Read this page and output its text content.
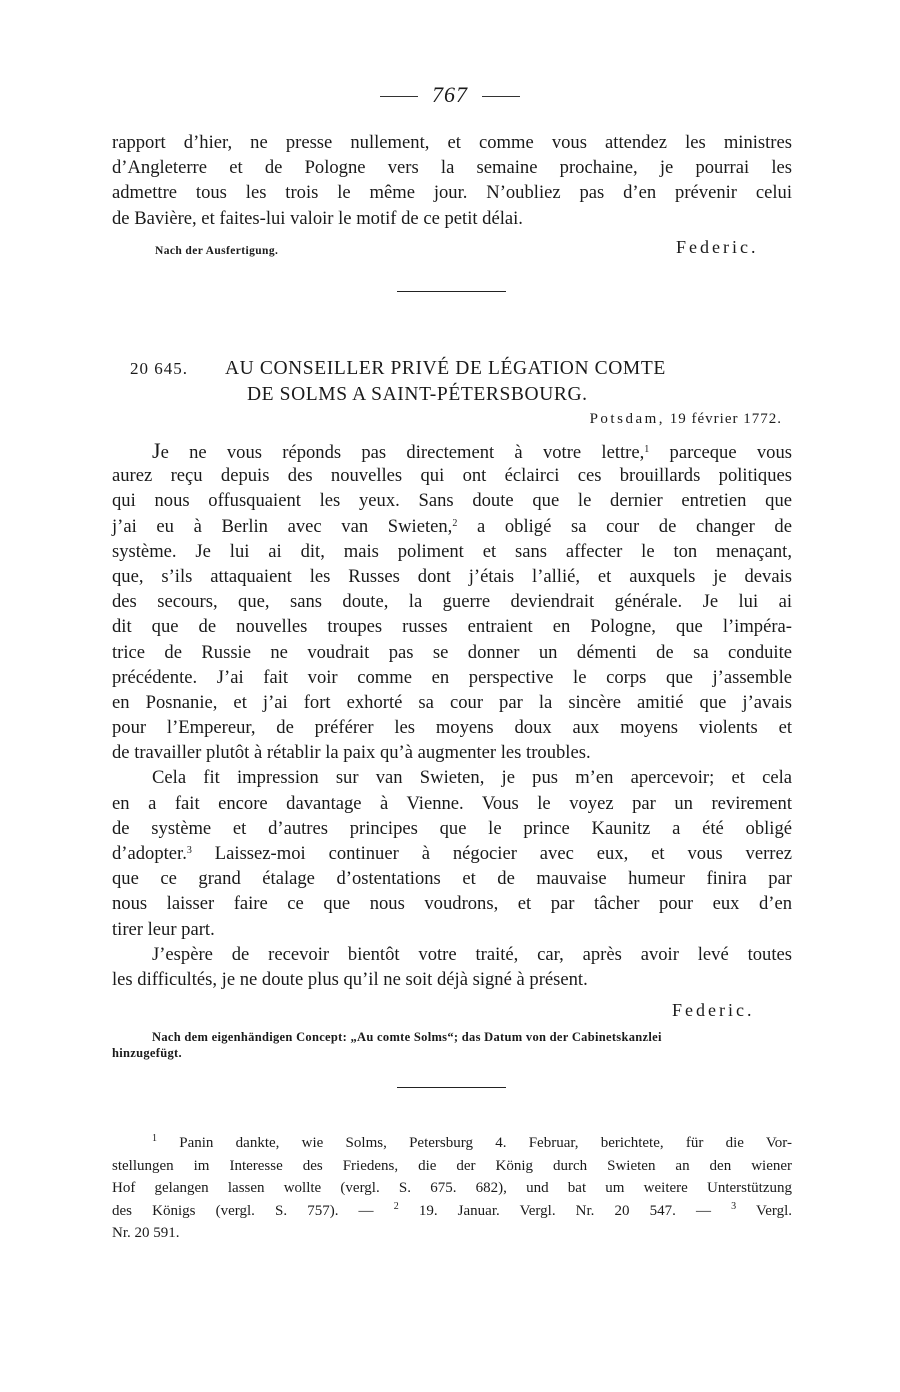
767
rapport d’hier, ne presse nullement, et comme vous attendez les ministres
d’Angleterre et de Pologne vers la semaine prochaine, je pourrai les
admettre tous les trois le même jour. N’oubliez pas d’en prévenir celui
de Bavière, et faites-lui valoir le motif de ce petit délai.
Nach der Ausfertigung.	Federic.
20 645. AU CONSEILLER PRIVÉ DE LÉGATION COMTE
DE SOLMS A SAINT-PÉTERSBOURG.
Potsdam, 19 février 1772.
Je ne vous réponds pas directement à votre lettre,$^1$ parceque vous
aurez reçu depuis des nouvelles qui ont éclairci ces brouillards politiques
qui nous offusquaient les yeux. Sans doute que le dernier entretien que
j’ai eu à Berlin avec van Swieten,$^2$ a obligé sa cour de changer de
système. Je lui ai dit, mais poliment et sans affecter le ton menaçant,
que, s’ils attaquaient les Russes dont j’étais l’allié, et auxquels je devais
des secours, que, sans doute, la guerre deviendrait générale. Je lui ai
dit que de nouvelles troupes russes entraient en Pologne, que l’impéra-
trice de Russie ne voudrait pas se donner un démenti de sa conduite
précédente. J’ai fait voir comme en perspective le corps que j’assemble
en Posnanie, et j’ai fort exhorté sa cour par la sincère amitié que j’avais
pour l’Empereur, de préférer les moyens doux aux moyens violents et
de travailler plutôt à rétablir la paix qu’à augmenter les troubles.
Cela fit impression sur van Swieten, je pus m’en apercevoir; et cela
en a fait encore davantage à Vienne. Vous le voyez par un revirement
de système et d’autres principes que le prince Kaunitz a été obligé
d’adopter.$^3$ Laissez-moi continuer à négocier avec eux, et vous verrez
que ce grand étalage d’ostentations et de mauvaise humeur finira par
nous laisser faire ce que nous voudrons, et par tâcher pour eux d’en
tirer leur part.
J’espère de recevoir bientôt votre traité, car, après avoir levé toutes
les difficultés, je ne doute plus qu’il ne soit déjà signé à présent.
Federic.
Nach dem eigenhändigen Concept: „Au comte Solms“; das Datum von der Cabinetskanzlei
hinzugefügt.
$^1$ Panin dankte, wie Solms, Petersburg 4. Februar, berichtete, für die Vor-
stellungen im Interesse des Friedens, die der König durch Swieten an den wiener
Hof gelangen lassen wollte (vergl. S. 675. 682), und bat um weitere Unterstützung
des Königs (vergl. S. 757). — $^2$ 19. Januar. Vergl. Nr. 20 547. — $^3$ Vergl.
Nr. 20 591.
